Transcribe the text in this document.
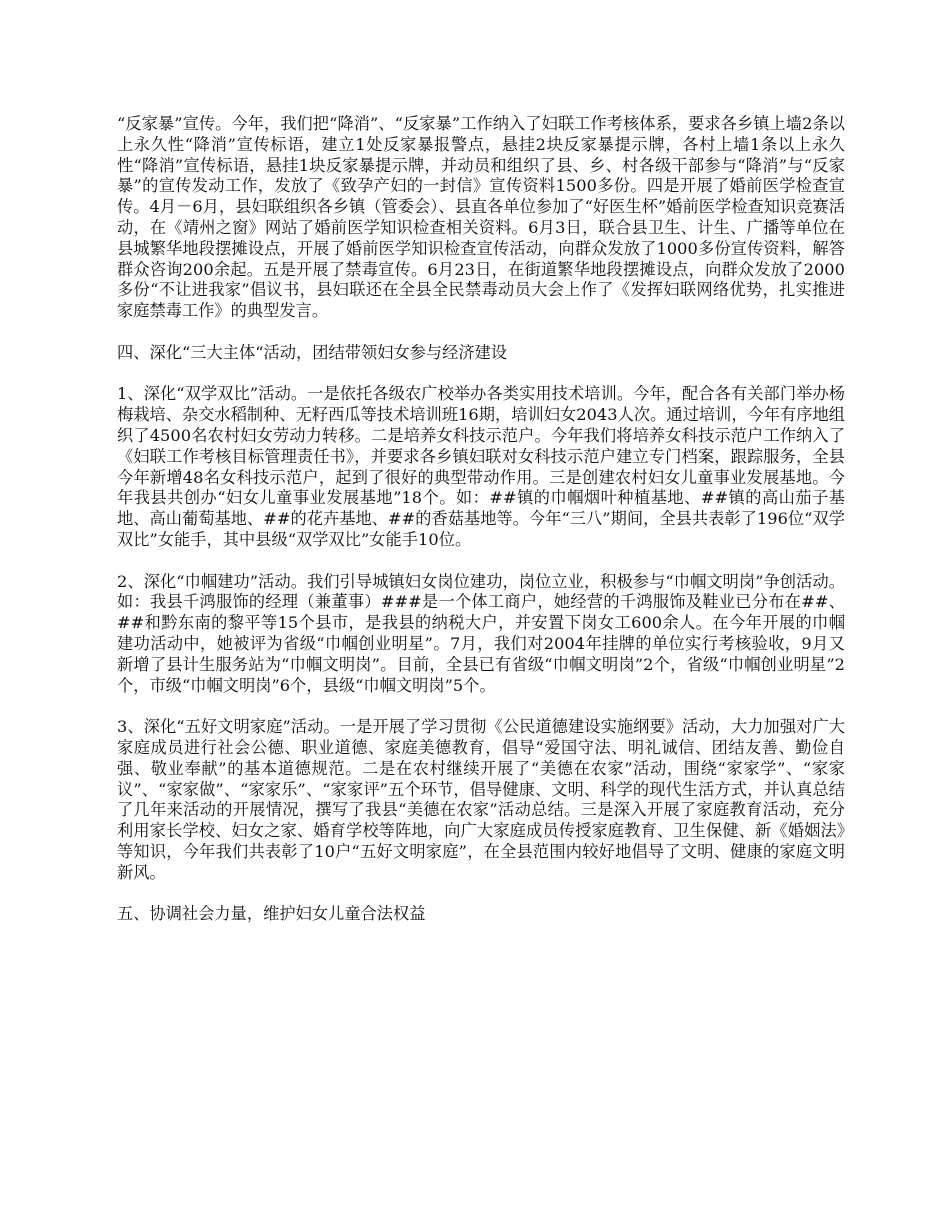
“反家暴”宣传。今年，我们把“降消”、“反家暴”工作纳入了妇联工作考核体系，要求各乡镇上墙2条以上永久性“降消”宣传标语，建立1处反家暴报警点，悬挂2块反家暴提示牌，各村上墙1条以上永久性“降消”宣传标语，悬挂1块反家暴提示牌，并动员和组织了县、乡、村各级干部参与“降消”与“反家暴”的宣传发动工作，发放了《致孕产妇的一封信》宣传资料1500多份。四是开展了婚前医学检查宣传。4月－6月，县妇联组织各乡镇（管委会）、县直各单位参加了“好医生杯”婚前医学检查知识竞赛活动，在《靖州之窗》网站了婚前医学知识检查相关资料。6月3日，联合县卫生、计生、广播等单位在县城繁华地段摆摊设点，开展了婚前医学知识检查宣传活动，向群众发放了1000多份宣传资料，解答群众咨询200余起。五是开展了禁毒宣传。6月23日，在街道繁华地段摆摊设点，向群众发放了2000多份“不让进我家”倡议书，县妇联还在全县全民禁毒动员大会上作了《发挥妇联网络优势，扎实推进家庭禁毒工作》的典型发言。

四、深化“三大主体“活动，团结带领妇女参与经济建设

1、深化“双学双比”活动。一是依托各级农广校举办各类实用技术培训。今年，配合各有关部门举办杨梅栽培、杂交水稻制种、无籽西瓜等技术培训班16期，培训妇女2043人次。通过培训，今年有序地组织了4500名农村妇女劳动力转移。二是培养女科技示范户。今年我们将培养女科技示范户工作纳入了《妇联工作考核目标管理责任书》，并要求各乡镇妇联对女科技示范户建立专门档案，跟踪服务，全县今年新增48名女科技示范户，起到了很好的典型带动作用。三是创建农村妇女儿童事业发展基地。今年我县共创办“妇女儿童事业发展基地”18个。如：##镇的巾帼烟叶种植基地、##镇的高山茄子基地、高山葡萄基地、##的花卉基地、##的香菇基地等。今年“三八”期间，全县共表彰了196位“双学双比”女能手，其中县级“双学双比”女能手10位。

2、深化“巾帼建功”活动。我们引导城镇妇女岗位建功，岗位立业，积极参与“巾帼文明岗”争创活动。如：我县千鸿服饰的经理（兼董事）###是一个体工商户，她经营的千鸿服饰及鞋业已分布在##、##和黔东南的黎平等15个县市，是我县的纳税大户，并安置下岗女工600余人。在今年开展的巾帼建功活动中，她被评为省级“巾帼创业明星”。7月，我们对2004年挂牌的单位实行考核验收，9月又新增了县计生服务站为“巾帼文明岗”。目前，全县已有省级“巾帼文明岗”2个，省级“巾帼创业明星”2个，市级“巾帼文明岗”6个，县级“巾帼文明岗”5个。

3、深化“五好文明家庭”活动。一是开展了学习贯彻《公民道德建设实施纲要》活动，大力加强对广大家庭成员进行社会公德、职业道德、家庭美德教育，倡导“爱国守法、明礼诚信、团结友善、勤俭自强、敬业奉献”的基本道德规范。二是在农村继续开展了“美德在农家”活动，围绕“家家学”、“家家议”、“家家做”、“家家乐”、“家家评”五个环节，倡导健康、文明、科学的现代生活方式，并认真总结了几年来活动的开展情况，撰写了我县“美德在农家”活动总结。三是深入开展了家庭教育活动，充分利用家长学校、妇女之家、婚育学校等阵地，向广大家庭成员传授家庭教育、卫生保健、新《婚姻法》等知识，今年我们共表彰了10户“五好文明家庭”，在全县范围内较好地倡导了文明、健康的家庭文明新风。

五、协调社会力量，维护妇女儿童合法权益
